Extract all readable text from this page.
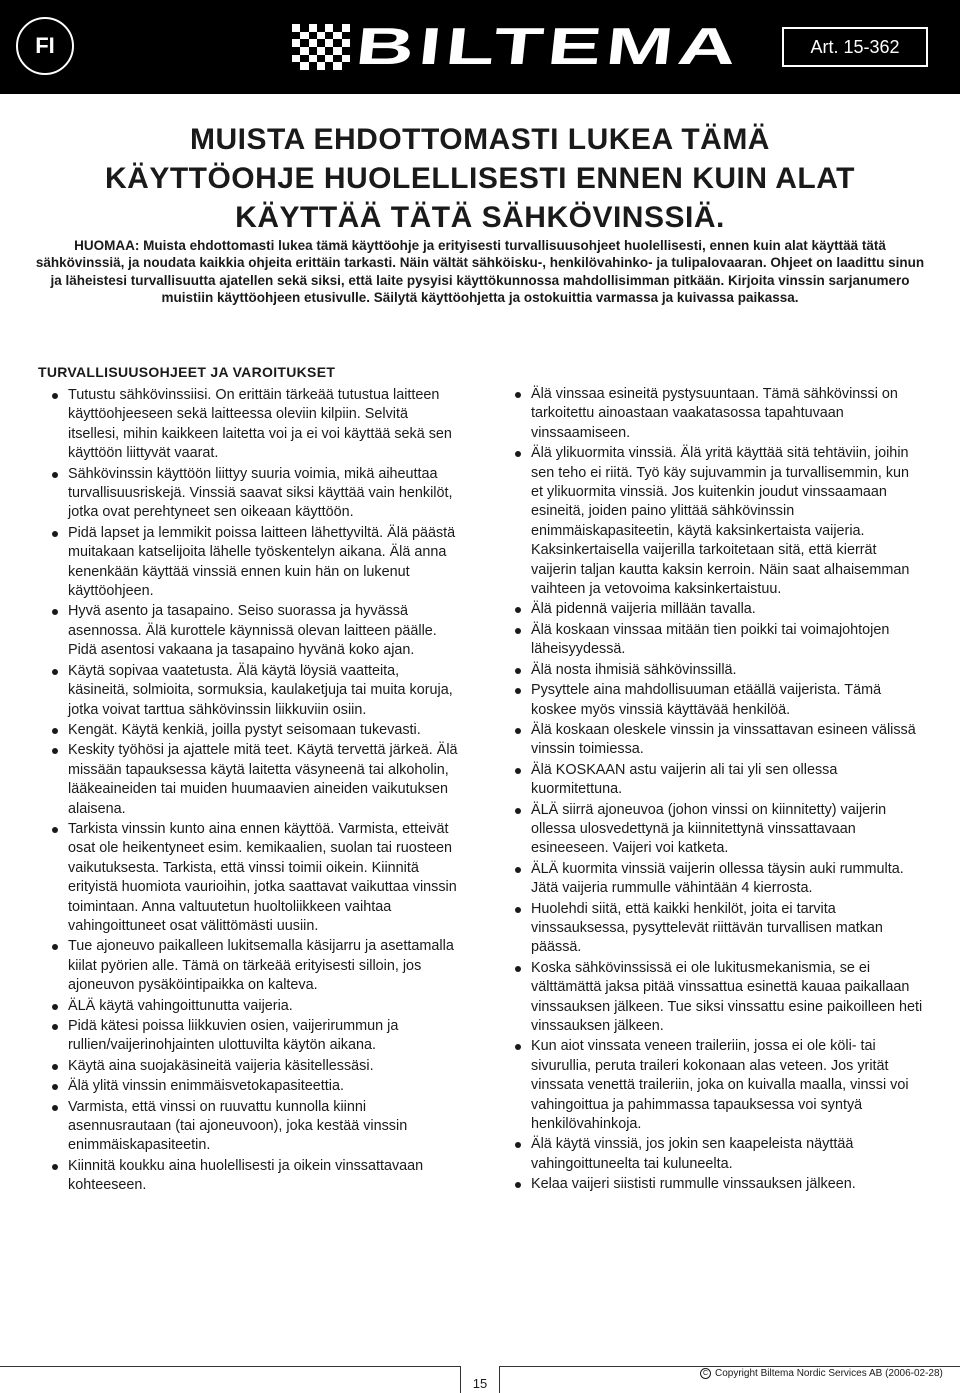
FI	BILTEMA	Art. 15-362
MUISTA EHDOTTOMASTI LUKEA TÄMÄ KÄYTTÖOHJE HUOLELLISESTI ENNEN KUIN ALAT KÄYTTÄÄ TÄTÄ SÄHKÖVINSSIÄ.

HUOMAA: Muista ehdottomasti lukea tämä käyttöohje ja erityisesti turvallisuusohjeet huolellisesti, ennen kuin alat käyttää tätä sähkövinssiä, ja noudata kaikkia ohjeita erittäin tarkasti. Näin vältät sähköisku-, henkilövahinko- ja tulipalovaaran. Ohjeet on laadittu sinun ja läheistesi turvallisuutta ajatellen sekä siksi, että laite pysyisi käyttökunnossa mahdollisimman pitkään. Kirjoita vinssin sarjanumero muistiin käyttöohjeen etusivulle. Säilytä käyttöohjetta ja ostokuittia varmassa ja kuivassa paikassa.

TURVALLISUUSOHJEET JA VAROITUKSET
Tutustu sähkövinssiisi. On erittäin tärkeää tutustua laitteen käyttöohjeeseen sekä laitteessa oleviin kilpiin. Selvitä itsellesi, mihin kaikkeen laitetta voi ja ei voi käyttää sekä sen käyttöön liittyvät vaarat.
Sähkövinssin käyttöön liittyy suuria voimia, mikä aiheuttaa turvallisuusriskejä. Vinssiä saavat siksi käyttää vain henkilöt, jotka ovat perehtyneet sen oikeaan käyttöön.
Pidä lapset ja lemmikit poissa laitteen lähettyviltä. Älä päästä muitakaan katselijoita lähelle työskentelyn aikana. Älä anna kenenkään käyttää vinssiä ennen kuin hän on lukenut käyttöohjeen.
Hyvä asento ja tasapaino. Seiso suorassa ja hyvässä asennossa. Älä kurottele käynnissä olevan laitteen päälle. Pidä asentosi vakaana ja tasapaino hyvänä koko ajan.
Käytä sopivaa vaatetusta. Älä käytä löysiä vaatteita, käsineitä, solmioita, sormuksia, kaulaketjuja tai muita koruja, jotka voivat tarttua sähkövinssin liikkuviin osiin.
Kengät. Käytä kenkiä, joilla pystyt seisomaan tukevasti.
Keskity työhösi ja ajattele mitä teet. Käytä tervettä järkeä. Älä missään tapauksessa käytä laitetta väsyneenä tai alkoholin, lääkeaineiden tai muiden huumaavien aineiden vaikutuksen alaisena.
Tarkista vinssin kunto aina ennen käyttöä. Varmista, etteivät osat ole heikentyneet esim. kemikaalien, suolan tai ruosteen vaikutuksesta. Tarkista, että vinssi toimii oikein. Kiinnitä erityistä huomiota vaurioihin, jotka saattavat vaikuttaa vinssin toimintaan. Anna valtuutetun huoltoliikkeen vaihtaa vahingoittuneet osat välittömästi uusiin.
Tue ajoneuvo paikalleen lukitsemalla käsijarru ja asettamalla kiilat pyörien alle. Tämä on tärkeää erityisesti silloin, jos ajoneuvon pysäköintipaikka on kalteva.
ÄLÄ käytä vahingoittunutta vaijeria.
Pidä kätesi poissa liikkuvien osien, vaijerirummun ja rullien/vaijerinohjainten ulottuvilta käytön aikana.
Käytä aina suojakäsineitä vaijeria käsitellessäsi.
Älä ylitä vinssin enimmäisvetokapasiteettia.
Varmista, että vinssi on ruuvattu kunnolla kiinni asennusrautaan (tai ajoneuvoon), joka kestää vinssin enimmäiskapasiteetin.
Kiinnitä koukku aina huolellisesti ja oikein vinssattavaan kohteeseen.
Älä vinssaa esineitä pystysuuntaan. Tämä sähkövinssi on tarkoitettu ainoastaan vaakatasossa tapahtuvaan vinssaamiseen.
Älä ylikuormita vinssiä. Älä yritä käyttää sitä tehtäviin, joihin sen teho ei riitä. Työ käy sujuvammin ja turvallisemmin, kun et ylikuormita vinssiä. Jos kuitenkin joudut vinssaamaan esineitä, joiden paino ylittää sähkövinssin enimmäiskapasiteetin, käytä kaksinkertaista vaijeria. Kaksinkertaisella vaijerilla tarkoitetaan sitä, että kierrät vaijerin taljan kautta kaksin kerroin. Näin saat alhaisemman vaihteen ja vetovoima kaksinkertaistuu.
Älä pidennä vaijeria millään tavalla.
Älä koskaan vinssaa mitään tien poikki tai voimajohtojen läheisyydessä.
Älä nosta ihmisiä sähkövinssillä.
Pysyttele aina mahdollisuuman etäällä vaijerista. Tämä koskee myös vinssiä käyttävää henkilöä.
Älä koskaan oleskele vinssin ja vinssattavan esineen välissä vinssin toimiessa.
Älä KOSKAAN astu vaijerin ali tai yli sen ollessa kuormitettuna.
ÄLÄ siirrä ajoneuvoa (johon vinssi on kiinnitetty) vaijerin ollessa ulosvedettynä ja kiinnitettynä vinssattavaan esineeseen. Vaijeri voi katketa.
ÄLÄ kuormita vinssiä vaijerin ollessa täysin auki rummulta. Jätä vaijeria rummulle vähintään 4 kierrosta.
Huolehdi siitä, että kaikki henkilöt, joita ei tarvita vinssauksessa, pysyttelevät riittävän turvallisen matkan päässä.
Koska sähkövinssissä ei ole lukitusmekanismia, se ei välttämättä jaksa pitää vinssattua esinettä kauaa paikallaan vinssauksen jälkeen. Tue siksi vinssattu esine paikoilleen heti vinssauksen jälkeen.
Kun aiot vinssata veneen traileriin, jossa ei ole köli- tai sivurullia, peruta traileri kokonaan alas veteen. Jos yrität vinssata venettä traileriin, joka on kuivalla maalla, vinssi voi vahingoittua ja pahimmassa tapauksessa voi syntyä henkilövahinkoja.
Älä käytä vinssiä, jos jokin sen kaapeleista näyttää vahingoittuneelta tai kuluneelta.
Kelaa vaijeri siististi rummulle vinssauksen jälkeen.
15
C Copyright Biltema Nordic Services AB (2006-02-28)
